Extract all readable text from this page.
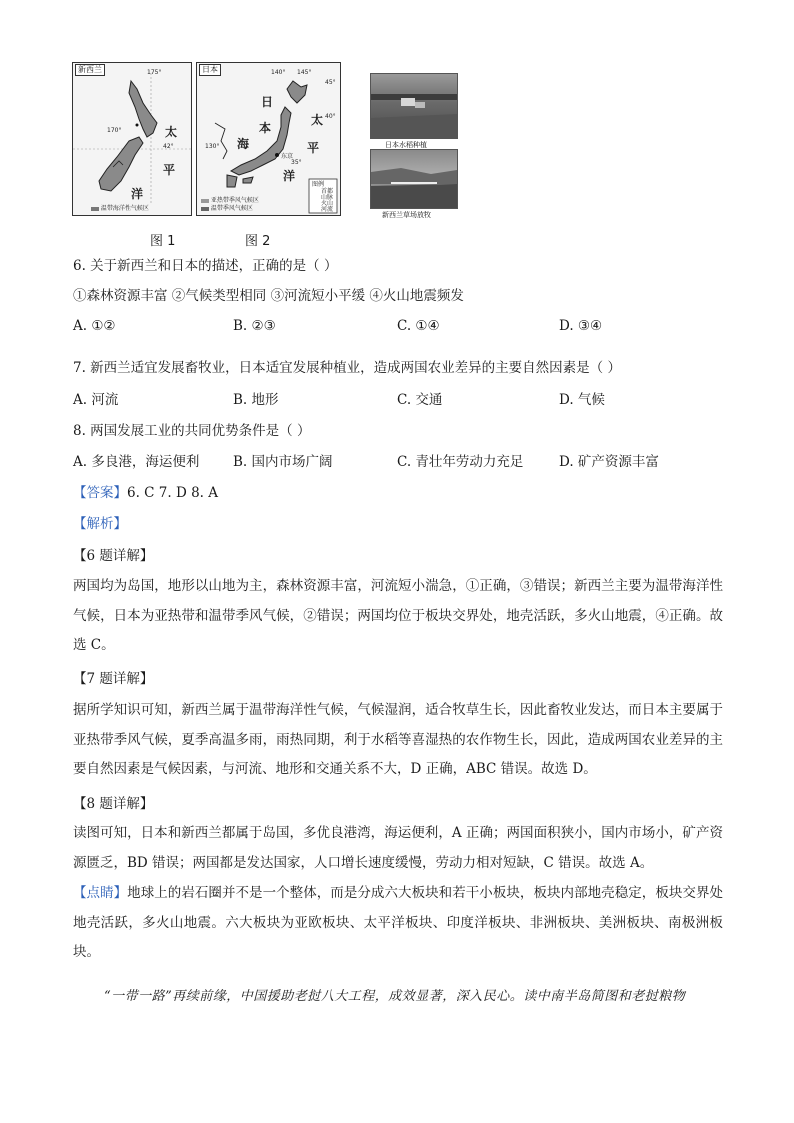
新西兰	175°
170°
42°
太
平
洋
温带海洋性气候区
日本	140° 145°
45°
40°
35°
130°
日
本
海
太
平
洋
东京
图例
首都
山脉
火山
河流
亚热带季风气候区
温带季风气候区
日本水稻种植
新西兰草场放牧
图 1	图 2
6. 关于新西兰和日本的描述，正确的是（ ）
①森林资源丰富 ②气候类型相同 ③河流短小平缓 ④火山地震频发
A. ①②	B. ②③	C. ①④	D. ③④
7. 新西兰适宜发展畜牧业，日本适宜发展种植业，造成两国农业差异的主要自然因素是（ ）
A. 河流	B. 地形	C. 交通	D. 气候
8. 两国发展工业的共同优势条件是（ ）
A. 多良港，海运便利 B. 国内市场广阔	C. 青壮年劳动力充足	D. 矿产资源丰富
【答案】6. C 7. D 8. A
【解析】
【6 题详解】
两国均为岛国，地形以山地为主，森林资源丰富，河流短小湍急，①正确，③错误；新西兰主要为温带海洋性气候，日本为亚热带和温带季风气候，②错误；两国均位于板块交界处，地壳活跃，多火山地震，④正确。故选 C。
【7 题详解】
据所学知识可知，新西兰属于温带海洋性气候，气候湿润，适合牧草生长，因此畜牧业发达，而日本主要属于亚热带季风气候，夏季高温多雨，雨热同期，利于水稻等喜湿热的农作物生长，因此，造成两国农业差异的主要自然因素是气候因素，与河流、地形和交通关系不大，D 正确，ABC 错误。故选 D。
【8 题详解】
读图可知，日本和新西兰都属于岛国，多优良港湾，海运便利，A 正确；两国面积狭小，国内市场小，矿产资源匮乏，BD 错误；两国都是发达国家，人口增长速度缓慢，劳动力相对短缺，C 错误。故选 A。
【点睛】地球上的岩石圈并不是一个整体，而是分成六大板块和若干小板块，板块内部地壳稳定，板块交界处地壳活跃，多火山地震。六大板块为亚欧板块、太平洋板块、印度洋板块、非洲板块、美洲板块、南极洲板块。
“一带一路”再续前缘，中国援助老挝八大工程，成效显著，深入民心。读中南半岛简图和老挝粮物
